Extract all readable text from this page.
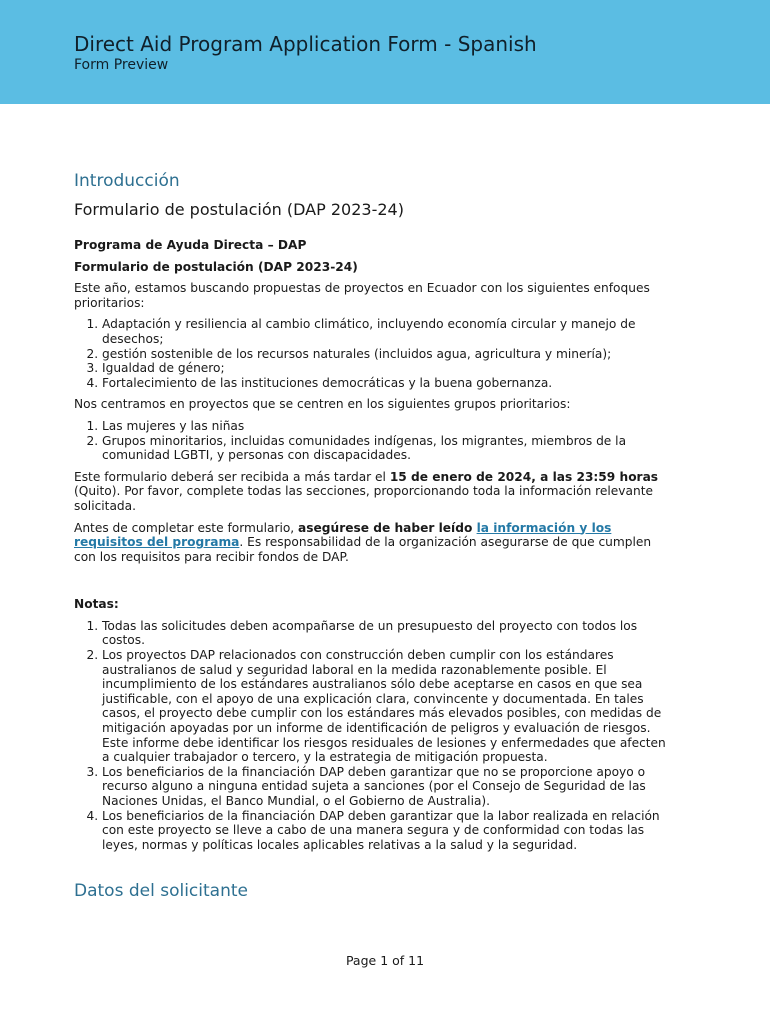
Direct Aid Program Application Form - Spanish
Form Preview
Introducción
Formulario de postulación (DAP 2023-24)

Programa de Ayuda Directa – DAP

Formulario de postulación (DAP 2023-24)

Este año, estamos buscando propuestas de proyectos en Ecuador con los siguientes enfoques prioritarios:

1. Adaptación y resiliencia al cambio climático, incluyendo economía circular y manejo de desechos;
2. gestión sostenible de los recursos naturales (incluidos agua, agricultura y minería);
3. Igualdad de género;
4. Fortalecimiento de las instituciones democráticas y la buena gobernanza.

Nos centramos en proyectos que se centren en los siguientes grupos prioritarios:

1. Las mujeres y las niñas
2. Grupos minoritarios, incluidas comunidades indígenas, los migrantes, miembros de la comunidad LGBTI, y personas con discapacidades.

Este formulario deberá ser recibida a más tardar el 15 de enero de 2024, a las 23:59 horas (Quito). Por favor, complete todas las secciones, proporcionando toda la información relevante solicitada.

Antes de completar este formulario, asegúrese de haber leído la información y los requisitos del programa. Es responsabilidad de la organización asegurarse de que cumplen con los requisitos para recibir fondos de DAP.

Notas:

1. Todas las solicitudes deben acompañarse de un presupuesto del proyecto con todos los costos.
2. Los proyectos DAP relacionados con construcción deben cumplir con los estándares australianos de salud y seguridad laboral en la medida razonablemente posible. El incumplimiento de los estándares australianos sólo debe aceptarse en casos en que sea justificable, con el apoyo de una explicación clara, convincente y documentada. En tales casos, el proyecto debe cumplir con los estándares más elevados posibles, con medidas de mitigación apoyadas por un informe de identificación de peligros y evaluación de riesgos. Este informe debe identificar los riesgos residuales de lesiones y enfermedades que afecten a cualquier trabajador o tercero, y la estrategia de mitigación propuesta.
3. Los beneficiarios de la financiación DAP deben garantizar que no se proporcione apoyo o recurso alguno a ninguna entidad sujeta a sanciones (por el Consejo de Seguridad de las Naciones Unidas, el Banco Mundial, o el Gobierno de Australia).
4. Los beneficiarios de la financiación DAP deben garantizar que la labor realizada en relación con este proyecto se lleve a cabo de una manera segura y de conformidad con todas las leyes, normas y políticas locales aplicables relativas a la salud y la seguridad.
Datos del solicitante
Page 1 of 11
